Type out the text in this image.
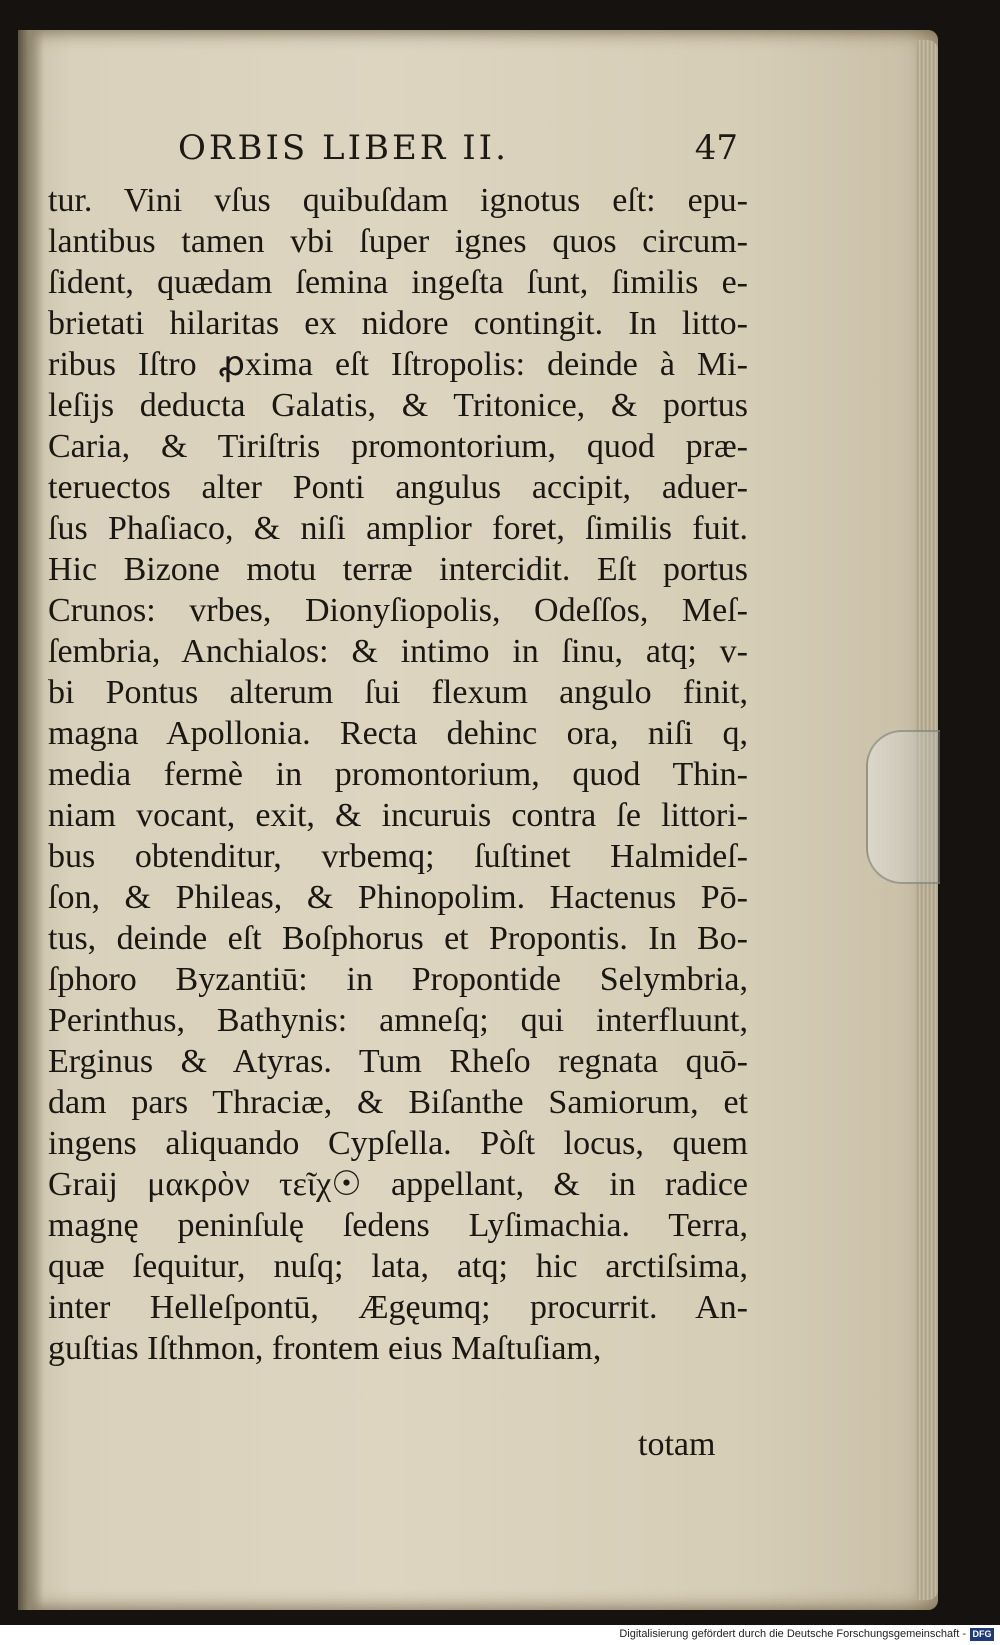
ORBIS LIBER II.	47
tur. Vini vſus quibuſdam ignotus eſt: epu-
lantibus tamen vbi ſuper ignes quos circum-
ſident, quædam ſemina ingeſta ſunt, ſimilis e-
brietati hilaritas ex nidore contingit. In litto-
ribus Iſtro ꝓxima eſt Iſtropolis: deinde à Mi-
leſijs deducta Galatis, & Tritonice, & portus
Caria, & Tiriſtris promontorium, quod præ-
teruectos alter Ponti angulus accipit, aduer-
ſus Phaſiaco, & niſi amplior foret, ſimilis fuit.
Hic Bizone motu terræ intercidit. Eſt portus
Crunos: vrbes, Dionyſiopolis, Odeſſos, Meſ-
ſembria, Anchialos: & intimo in ſinu, atq; v-
bi Pontus alterum ſui flexum angulo finit,
magna Apollonia. Recta dehinc ora, niſi q,
media fermè in promontorium, quod Thin-
niam vocant, exit, & incuruis contra ſe littori-
bus obtenditur, vrbemq; ſuſtinet Halmideſ-
ſon, & Phileas, & Phinopolim. Hactenus Pō-
tus, deinde eſt Boſphorus et Propontis. In Bo-
ſphoro Byzantiū: in Propontide Selymbria,
Perinthus, Bathynis: amneſq; qui interfluunt,
Erginus & Atyras. Tum Rheſo regnata quō-
dam pars Thraciæ, & Biſanthe Samiorum, et
ingens aliquando Cypſella. Pòſt locus, quem
Graij μακρὸν τεῖχ☉ appellant, & in radice
magnę peninſulę ſedens Lyſimachia. Terra,
quæ ſequitur, nuſq; lata, atq; hic arctiſsima,
inter Helleſpontū, Ægęumq; procurrit. An-
guſtias Iſthmon, frontem eius Maſtuſiam,
totam
Digitalisierung gefördert durch die Deutsche Forschungsgemeinschaft - DFG
